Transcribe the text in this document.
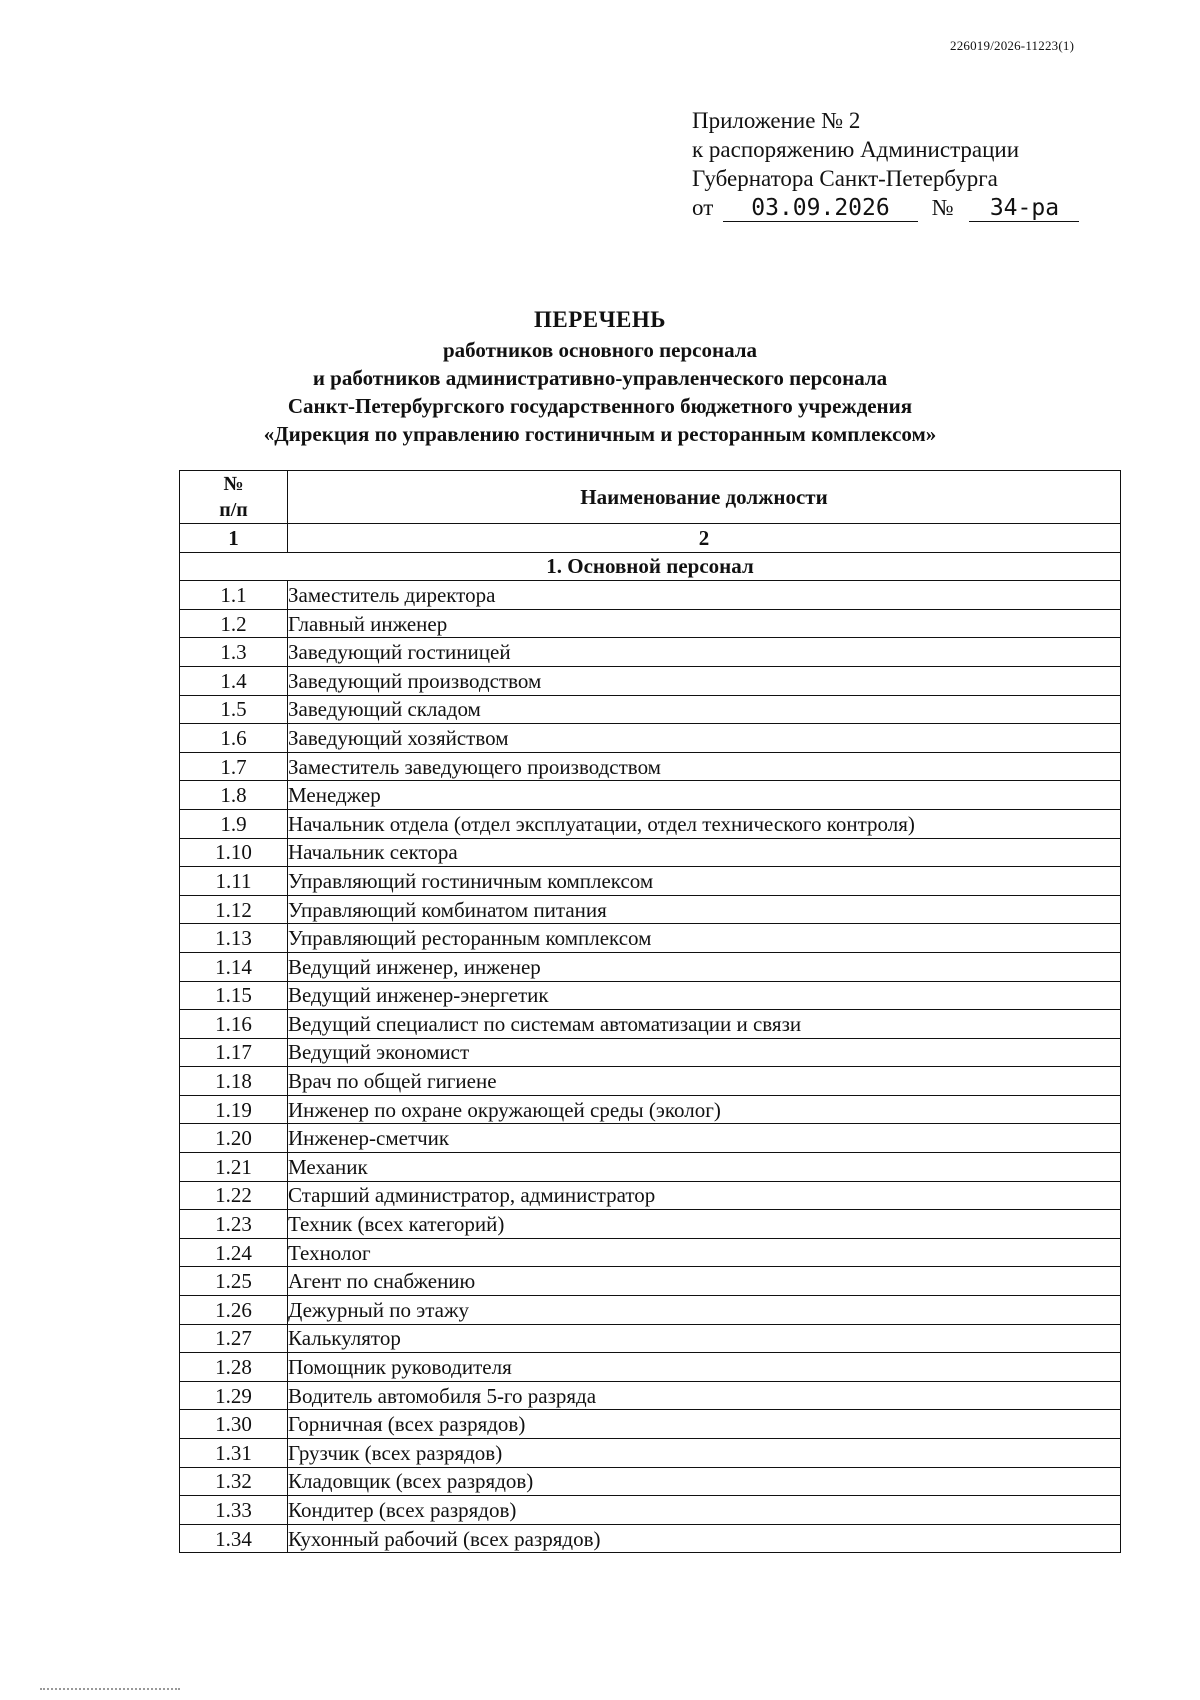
226019/2026-11223(1)
Приложение № 2
к распоряжению Администрации
Губернатора Санкт-Петербурга
от 03.09.2026 № 34-ра
ПЕРЕЧЕНЬ
работников основного персонала
и работников административно-управленческого персонала
Санкт-Петербургского государственного бюджетного учреждения
«Дирекция по управлению гостиничным и ресторанным комплексом»
№
п/п	Наименование должности
1	2
1. Основной персонал	
1.1	Заместитель директора
1.2	Главный инженер
1.3	Заведующий гостиницей
1.4	Заведующий производством
1.5	Заведующий складом
1.6	Заведующий хозяйством
1.7	Заместитель заведующего производством
1.8	Менеджер
1.9	Начальник отдела (отдел эксплуатации, отдел технического контроля)
1.10	Начальник сектора
1.11	Управляющий гостиничным комплексом
1.12	Управляющий комбинатом питания
1.13	Управляющий ресторанным комплексом
1.14	Ведущий инженер, инженер
1.15	Ведущий инженер-энергетик
1.16	Ведущий специалист по системам автоматизации и связи
1.17	Ведущий экономист
1.18	Врач по общей гигиене
1.19	Инженер по охране окружающей среды (эколог)
1.20	Инженер-сметчик
1.21	Механик
1.22	Старший администратор, администратор
1.23	Техник (всех категорий)
1.24	Технолог
1.25	Агент по снабжению
1.26	Дежурный по этажу
1.27	Калькулятор
1.28	Помощник руководителя
1.29	Водитель автомобиля 5-го разряда
1.30	Горничная (всех разрядов)
1.31	Грузчик (всех разрядов)
1.32	Кладовщик (всех разрядов)
1.33	Кондитер (всех разрядов)
1.34	Кухонный рабочий (всех разрядов)
